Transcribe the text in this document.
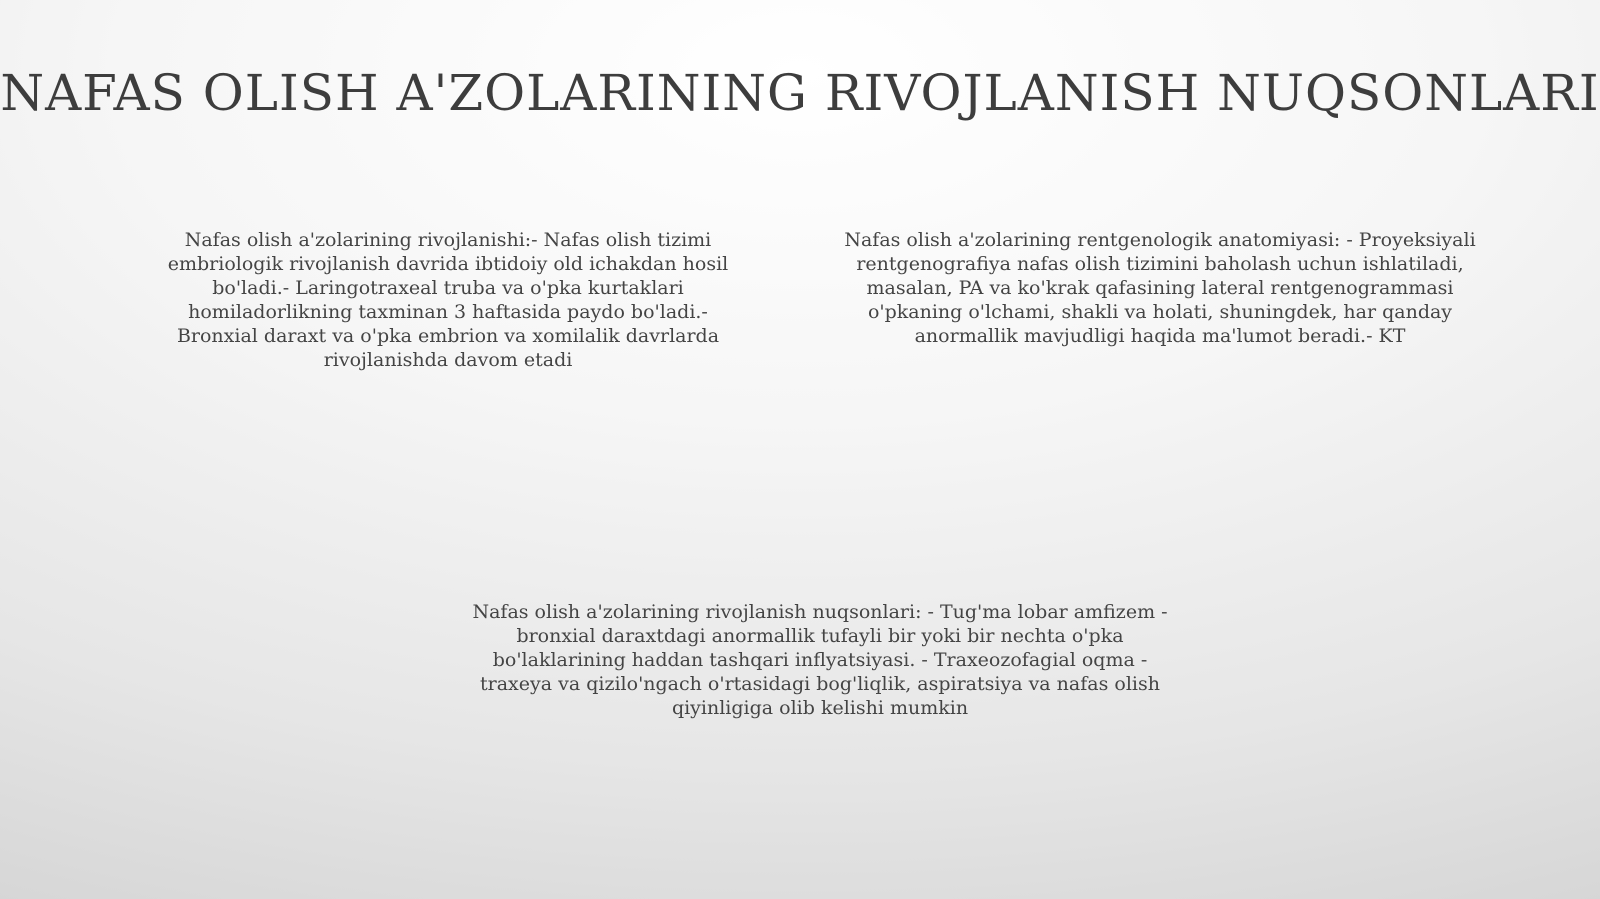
NAFAS OLISH A'ZOLARINING RIVOJLANISH NUQSONLARI
Nafas olish a'zolarining rivojlanishi:- Nafas olish tizimi embriologik rivojlanish davrida ibtidoiy old ichakdan hosil bo'ladi.- Laringotraxeal truba va o'pka kurtaklari homiladorlikning taxminan 3 haftasida paydo bo'ladi.- Bronxial daraxt va o'pka embrion va xomilalik davrlarda rivojlanishda davom etadi
Nafas olish a'zolarining rentgenologik anatomiyasi: - Proyeksiyali rentgenografiya nafas olish tizimini baholash uchun ishlatiladi, masalan, PA va ko'krak qafasining lateral rentgenogrammasi o'pkaning o'lchami, shakli va holati, shuningdek, har qanday anormallik mavjudligi haqida ma'lumot beradi.- KT
Nafas olish a'zolarining rivojlanish nuqsonlari: - Tug'ma lobar amfizem - bronxial daraxtdagi anormallik tufayli bir yoki bir nechta o'pka bo'laklarining haddan tashqari inflyatsiyasi. - Traxeozofagial oqma - traxeya va qizilo'ngach o'rtasidagi bog'liqlik, aspiratsiya va nafas olish qiyinligiga olib kelishi mumkin
